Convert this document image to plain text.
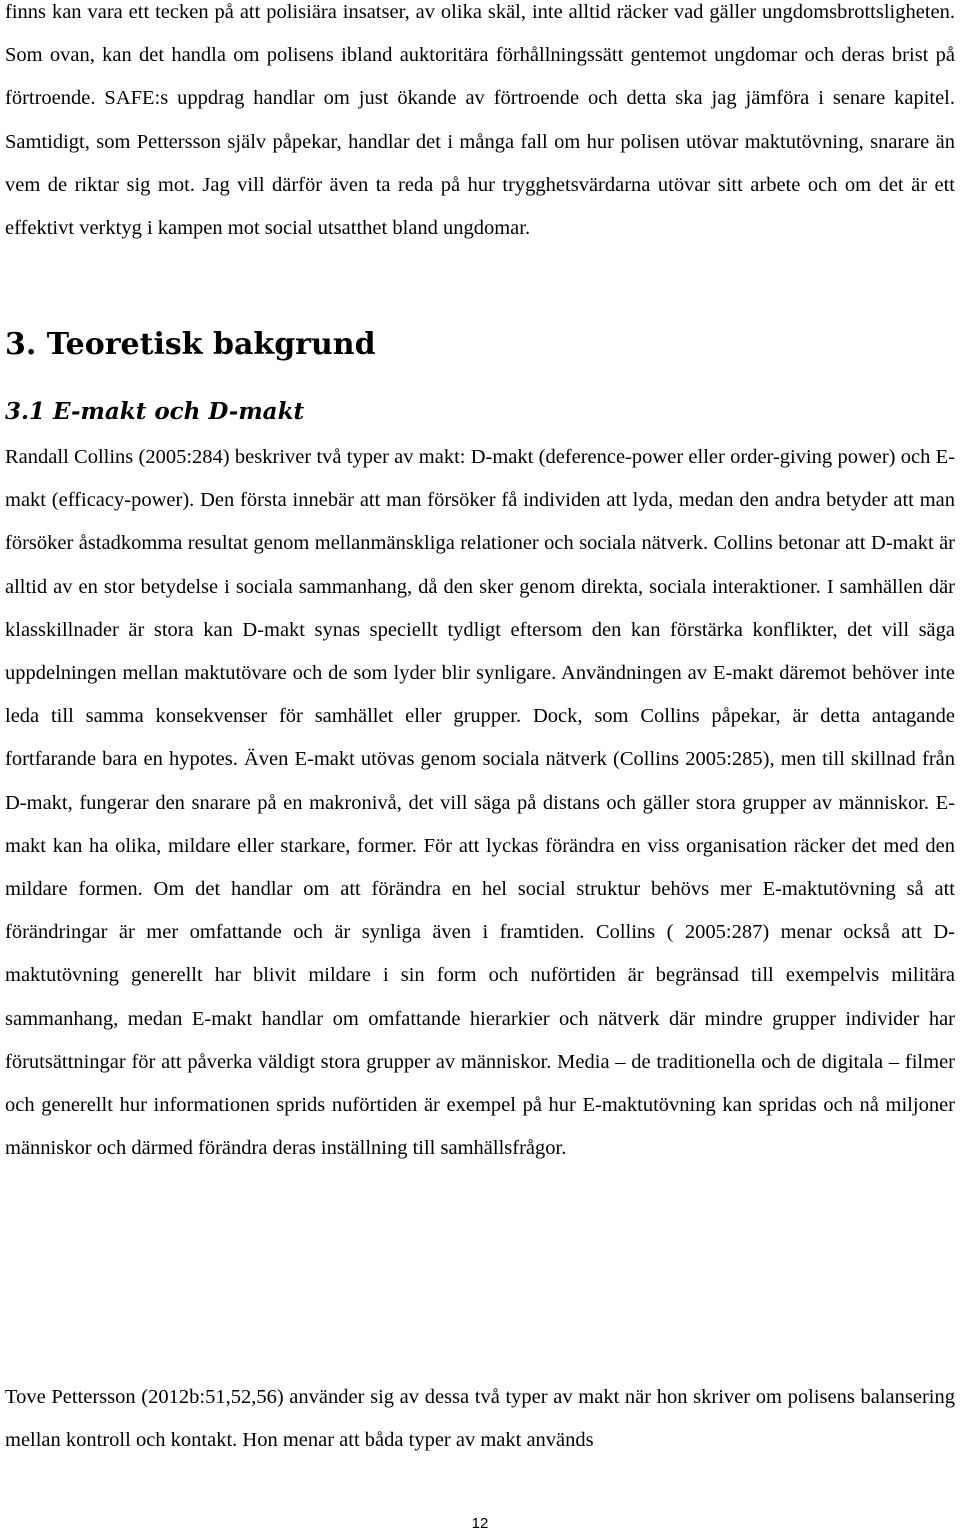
finns kan vara ett tecken på att polisiära insatser, av olika skäl, inte alltid räcker vad gäller ungdomsbrottsligheten. Som ovan, kan det handla om polisens ibland auktoritära förhållningssätt gentemot ungdomar och deras brist på förtroende. SAFE:s uppdrag handlar om just ökande av förtroende och detta ska jag jämföra i senare kapitel. Samtidigt, som Pettersson själv påpekar, handlar det i många fall om hur polisen utövar maktutövning, snarare än vem de riktar sig mot. Jag vill därför även ta reda på hur trygghetsvärdarna utövar sitt arbete och om det är ett effektivt verktyg i kampen mot social utsatthet bland ungdomar.

3. Teoretisk bakgrund
3.1 E-makt och D-makt

Randall Collins (2005:284) beskriver två typer av makt: D-makt (deference-power eller order-giving power) och E-makt (efficacy-power). Den första innebär att man försöker få individen att lyda, medan den andra betyder att man försöker åstadkomma resultat genom mellanmänskliga relationer och sociala nätverk. Collins betonar att D-makt är alltid av en stor betydelse i sociala sammanhang, då den sker genom direkta, sociala interaktioner. I samhällen där klasskillnader är stora kan D-makt synas speciellt tydligt eftersom den kan förstärka konflikter, det vill säga uppdelningen mellan maktutövare och de som lyder blir synligare. Användningen av E-makt däremot behöver inte leda till samma konsekvenser för samhället eller grupper. Dock, som Collins påpekar, är detta antagande fortfarande bara en hypotes. Även E-makt utövas genom sociala nätverk (Collins 2005:285), men till skillnad från D-makt, fungerar den snarare på en makronivå, det vill säga på distans och gäller stora grupper av människor. E-makt kan ha olika, mildare eller starkare, former. För att lyckas förändra en viss organisation räcker det med den mildare formen. Om det handlar om att förändra en hel social struktur behövs mer E-maktutövning så att förändringar är mer omfattande och är synliga även i framtiden. Collins ( 2005:287) menar också att D-maktutövning generellt har blivit mildare i sin form och nuförtiden är begränsad till exempelvis militära sammanhang, medan E-makt handlar om omfattande hierarkier och nätverk där mindre grupper individer har förutsättningar för att påverka väldigt stora grupper av människor. Media – de traditionella och de digitala – filmer och generellt hur informationen sprids nuförtiden är exempel på hur E-maktutövning kan spridas och nå miljoner människor och därmed förändra deras inställning till samhällsfrågor.

Tove Pettersson (2012b:51,52,56) använder sig av dessa två typer av makt när hon skriver om polisens balansering mellan kontroll och kontakt. Hon menar att båda typer av makt används

12
